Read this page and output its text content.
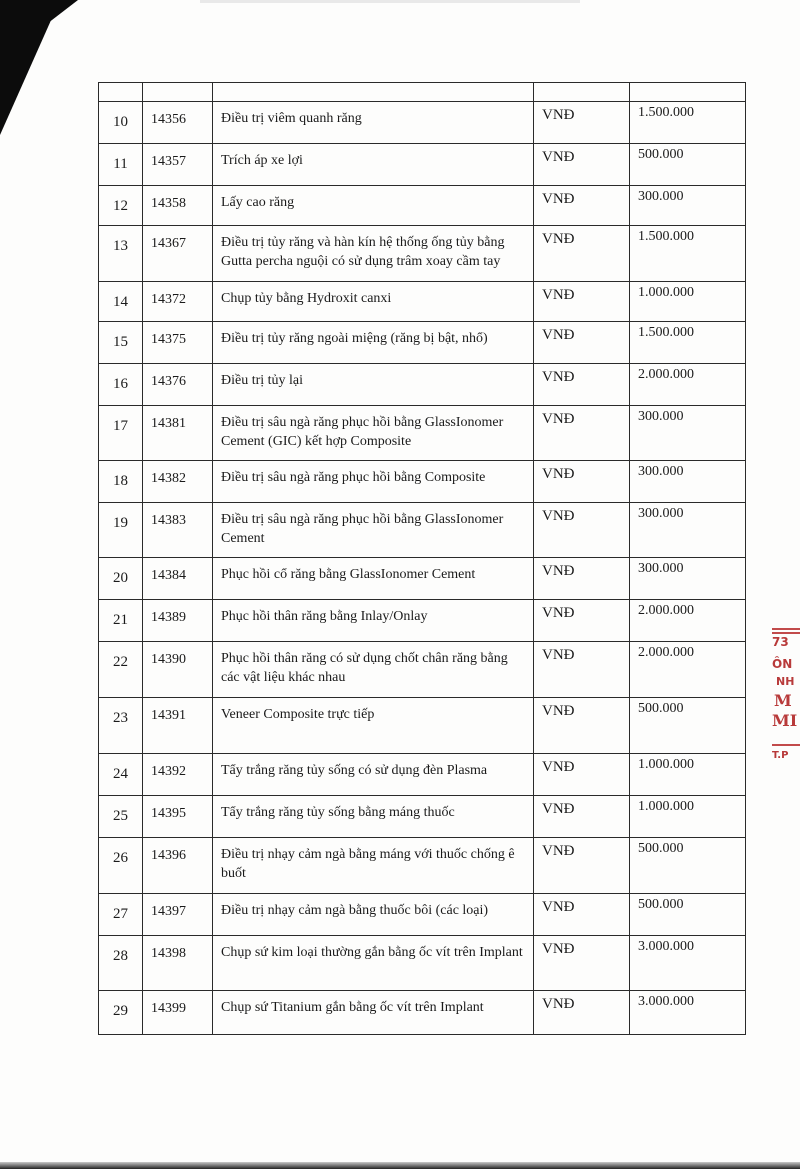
10	14356	Điều trị viêm quanh răng	VNĐ	1.500.000
11	14357	Trích áp xe lợi	VNĐ	500.000
12	14358	Lấy cao răng	VNĐ	300.000
13	14367	Điều trị tủy răng và hàn kín hệ thống ống tủy bằng Gutta percha nguội có sử dụng trâm xoay cầm tay	VNĐ	1.500.000
14	14372	Chụp tủy bằng Hydroxit canxi	VNĐ	1.000.000
15	14375	Điều trị tủy răng ngoài miệng (răng bị bật, nhổ)	VNĐ	1.500.000
16	14376	Điều trị tủy lại	VNĐ	2.000.000
17	14381	Điều trị sâu ngà răng phục hồi bằng GlassIonomer Cement (GIC) kết hợp Composite	VNĐ	300.000
18	14382	Điều trị sâu ngà răng phục hồi bằng Composite	VNĐ	300.000
19	14383	Điều trị sâu ngà răng phục hồi bằng GlassIonomer Cement	VNĐ	300.000
20	14384	Phục hồi cổ răng bằng GlassIonomer Cement	VNĐ	300.000
21	14389	Phục hồi thân răng bằng Inlay/Onlay	VNĐ	2.000.000
22	14390	Phục hồi thân răng có sử dụng chốt chân răng bằng các vật liệu khác nhau	VNĐ	2.000.000
23	14391	Veneer Composite trực tiếp	VNĐ	500.000
24	14392	Tẩy trắng răng tủy sống có sử dụng đèn Plasma	VNĐ	1.000.000
25	14395	Tẩy trắng răng tủy sống bằng máng thuốc	VNĐ	1.000.000
26	14396	Điều trị nhạy cảm ngà bằng máng với thuốc chống ê buốt	VNĐ	500.000
27	14397	Điều trị nhạy cảm ngà bằng thuốc bôi (các loại)	VNĐ	500.000
28	14398	Chụp sứ kim loại thường gắn bằng ốc vít trên Implant	VNĐ	3.000.000
29	14399	Chụp sứ Titanium gắn bằng ốc vít trên Implant	VNĐ	3.000.000
73
ÔN
NH
M
MI
T.P
